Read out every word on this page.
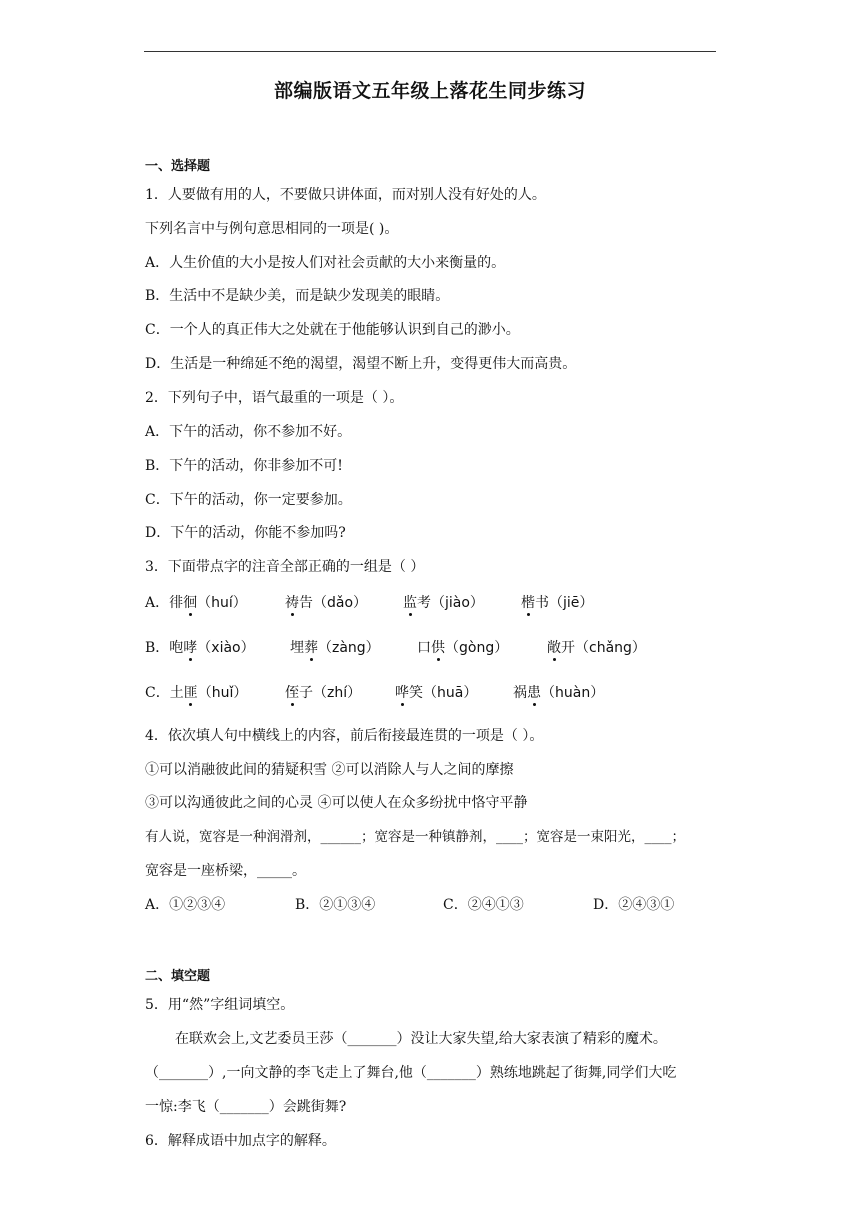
部编版语文五年级上落花生同步练习
一、选择题
1．人要做有用的人，不要做只讲体面，而对别人没有好处的人。
下列名言中与例句意思相同的一项是( )。
A．人生价值的大小是按人们对社会贡献的大小来衡量的。
B．生活中不是缺少美，而是缺少发现美的眼睛。
C．一个人的真正伟大之处就在于他能够认识到自己的渺小。
D．生活是一种绵延不绝的渴望，渴望不断上升，变得更伟大而高贵。
2．下列句子中，语气最重的一项是（ ）。
A．下午的活动，你不参加不好。
B．下午的活动，你非参加不可!
C．下午的活动，你一定要参加。
D．下午的活动，你能不参加吗?
3．下面带点字的注音全部正确的一组是（ ）
A．徘徊（huí）	祷告（dǎo）	监考（jiào）	楷书（jiē）
B．咆哮（xiào）	埋葬（zàng）	口供（gòng）	敞开（chǎng）
C．土匪（huǐ）	侄子（zhí） 哗笑（huā）	祸患（huàn）
4．依次填人句中横线上的内容，前后衔接最连贯的一项是（ ）。
①可以消融彼此间的猜疑积雪 ②可以消除人与人之间的摩擦
③可以沟通彼此之间的心灵 ④可以使人在众多纷扰中恪守平静
有人说，宽容是一种润滑剂，______；宽容是一种镇静剂，____；宽容是一束阳光，____；
宽容是一座桥梁，_____。
A．①②③④	B．②①③④	C．②④①③	D．②④③①
二、填空题
5．用“然”字组词填空。
在联欢会上,文艺委员王莎（_______）没让大家失望,给大家表演了精彩的魔术。
（_______）,一向文静的李飞走上了舞台,他（_______）熟练地跳起了街舞,同学们大吃
一惊:李飞（_______）会跳街舞?
6．解释成语中加点字的解释。
